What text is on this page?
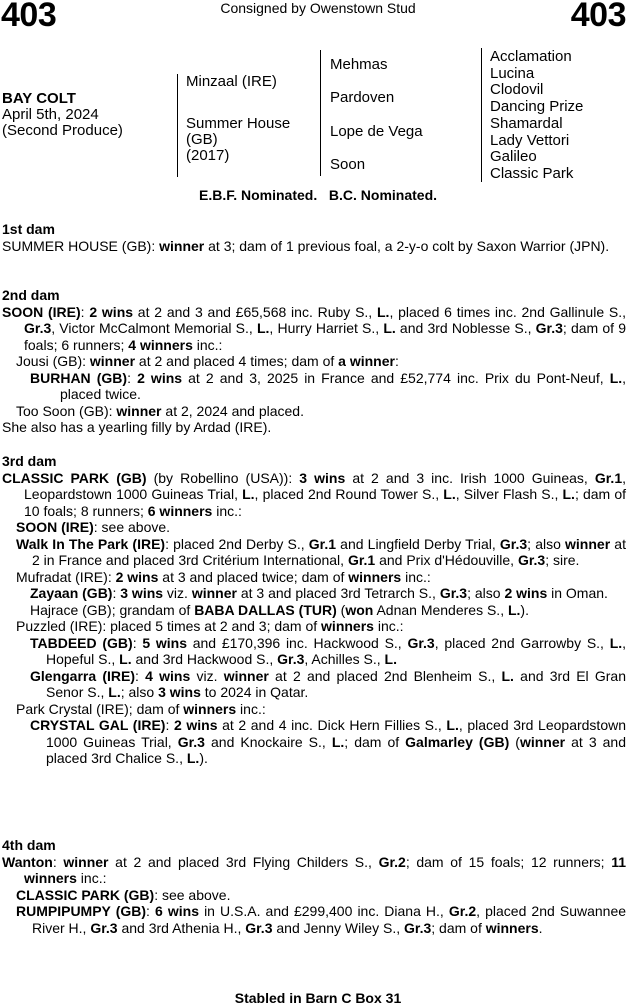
403	403
Consigned by Owenstown Stud
BAY COLT
April 5th, 2024
(Second Produce)
Minzaal (IRE)
Summer House
(GB)
(2017)
Mehmas
Pardoven
Lope de Vega
Soon
Acclamation
Lucina
Clodovil
Dancing Prize
Shamardal
Lady Vettori
Galileo
Classic Park
E.B.F. Nominated.   B.C. Nominated.

1st dam

SUMMER HOUSE (GB): winner at 3; dam of 1 previous foal, a 2-y-o colt by Saxon Warrior (JPN).

2nd dam

SOON (IRE): 2 wins at 2 and 3 and £65,568 inc. Ruby S., L., placed 6 times inc. 2nd Gallinule S., Gr.3, Victor McCalmont Memorial S., L., Hurry Harriet S., L. and 3rd Noblesse S., Gr.3; dam of 9 foals; 6 runners; 4 winners inc.:

Jousi (GB): winner at 2 and placed 4 times; dam of a winner:

BURHAN (GB): 2 wins at 2 and 3, 2025 in France and £52,774 inc. Prix du Pont-Neuf, L., placed twice.

Too Soon (GB): winner at 2, 2024 and placed.

She also has a yearling filly by Ardad (IRE).

3rd dam

CLASSIC PARK (GB) (by Robellino (USA)): 3 wins at 2 and 3 inc. Irish 1000 Guineas, Gr.1, Leopardstown 1000 Guineas Trial, L., placed 2nd Round Tower S., L., Silver Flash S., L.; dam of 10 foals; 8 runners; 6 winners inc.:

SOON (IRE): see above.

Walk In The Park (IRE): placed 2nd Derby S., Gr.1 and Lingfield Derby Trial, Gr.3; also winner at 2 in France and placed 3rd Critérium International, Gr.1 and Prix d'Hédouville, Gr.3; sire.

Mufradat (IRE): 2 wins at 3 and placed twice; dam of winners inc.:

Zayaan (GB): 3 wins viz. winner at 3 and placed 3rd Tetrarch S., Gr.3; also 2 wins in Oman.

Hajrace (GB); grandam of BABA DALLAS (TUR) (won Adnan Menderes S., L.).

Puzzled (IRE): placed 5 times at 2 and 3; dam of winners inc.:

TABDEED (GB): 5 wins and £170,396 inc. Hackwood S., Gr.3, placed 2nd Garrowby S., L., Hopeful S., L. and 3rd Hackwood S., Gr.3, Achilles S., L.

Glengarra (IRE): 4 wins viz. winner at 2 and placed 2nd Blenheim S., L. and 3rd El Gran Senor S., L.; also 3 wins to 2024 in Qatar.

Park Crystal (IRE); dam of winners inc.:

CRYSTAL GAL (IRE): 2 wins at 2 and 4 inc. Dick Hern Fillies S., L., placed 3rd Leopardstown 1000 Guineas Trial, Gr.3 and Knockaire S., L.; dam of Galmarley (GB) (winner at 3 and placed 3rd Chalice S., L.).

4th dam

Wanton: winner at 2 and placed 3rd Flying Childers S., Gr.2; dam of 15 foals; 12 runners; 11 winners inc.:

CLASSIC PARK (GB): see above.

RUMPIPUMPY (GB): 6 wins in U.S.A. and £299,400 inc. Diana H., Gr.2, placed 2nd Suwannee River H., Gr.3 and 3rd Athenia H., Gr.3 and Jenny Wiley S., Gr.3; dam of winners.

Stabled in Barn C Box 31
